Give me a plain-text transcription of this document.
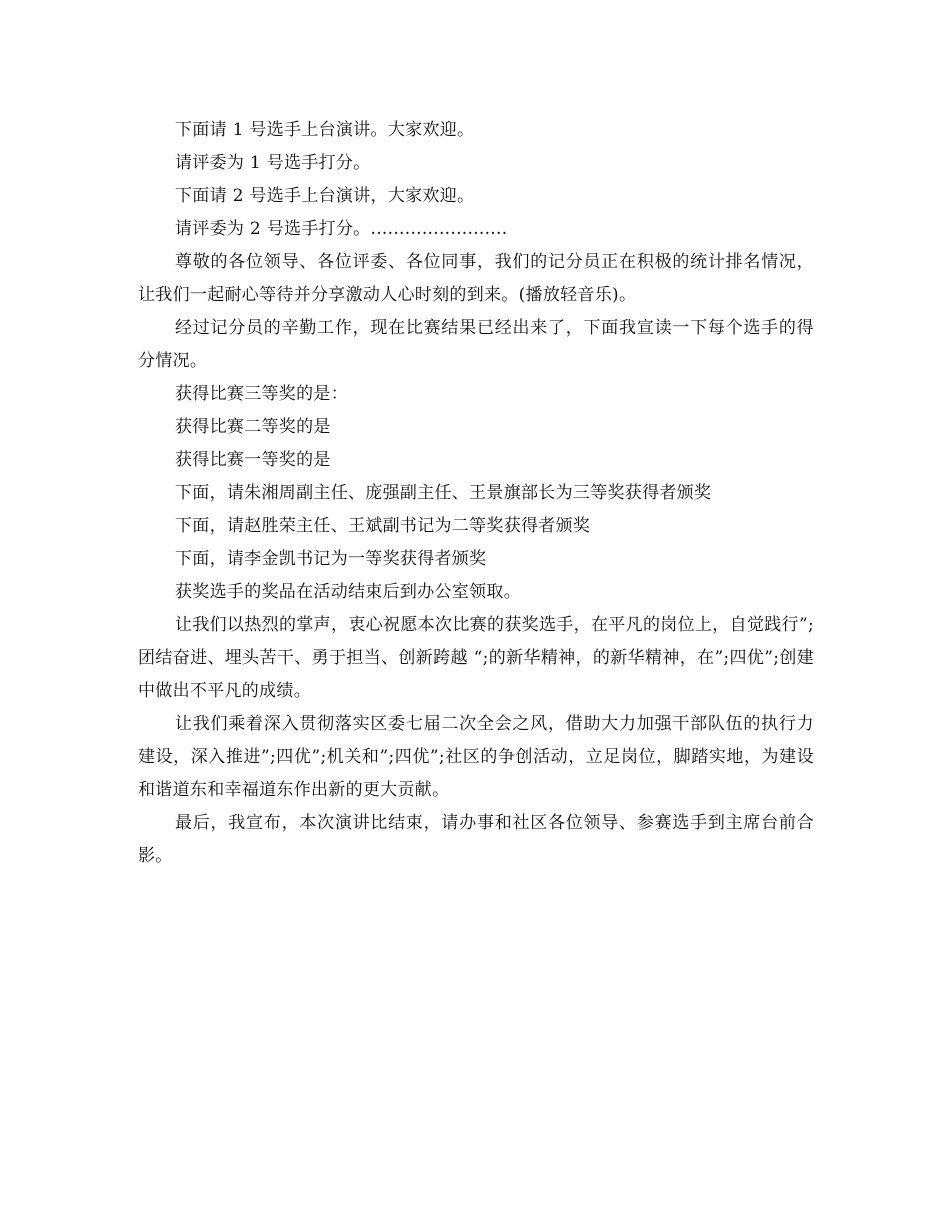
下面请 1 号选手上台演讲。大家欢迎。

请评委为 1 号选手打分。

下面请 2 号选手上台演讲，大家欢迎。

请评委为 2 号选手打分。........................

尊敬的各位领导、各位评委、各位同事，我们的记分员正在积极的统计排名情况，让我们一起耐心等待并分享激动人心时刻的到来。(播放轻音乐)。

经过记分员的辛勤工作，现在比赛结果已经出来了，下面我宣读一下每个选手的得分情况。

获得比赛三等奖的是：

获得比赛二等奖的是

获得比赛一等奖的是

下面，请朱湘周副主任、庞强副主任、王景旗部长为三等奖获得者颁奖

下面，请赵胜荣主任、王斌副书记为二等奖获得者颁奖

下面，请李金凯书记为一等奖获得者颁奖

获奖选手的奖品在活动结束后到办公室领取。

让我们以热烈的掌声，衷心祝愿本次比赛的获奖选手，在平凡的岗位上，自觉践行”;团结奋进、埋头苦干、勇于担当、创新跨越 “;的新华精神，的新华精神，在”;四优”;创建中做出不平凡的成绩。

让我们乘着深入贯彻落实区委七届二次全会之风，借助大力加强干部队伍的执行力建设，深入推进”;四优”;机关和”;四优”;社区的争创活动，立足岗位，脚踏实地，为建设和谐道东和幸福道东作出新的更大贡献。

最后，我宣布，本次演讲比结束，请办事和社区各位领导、参赛选手到主席台前合影。
